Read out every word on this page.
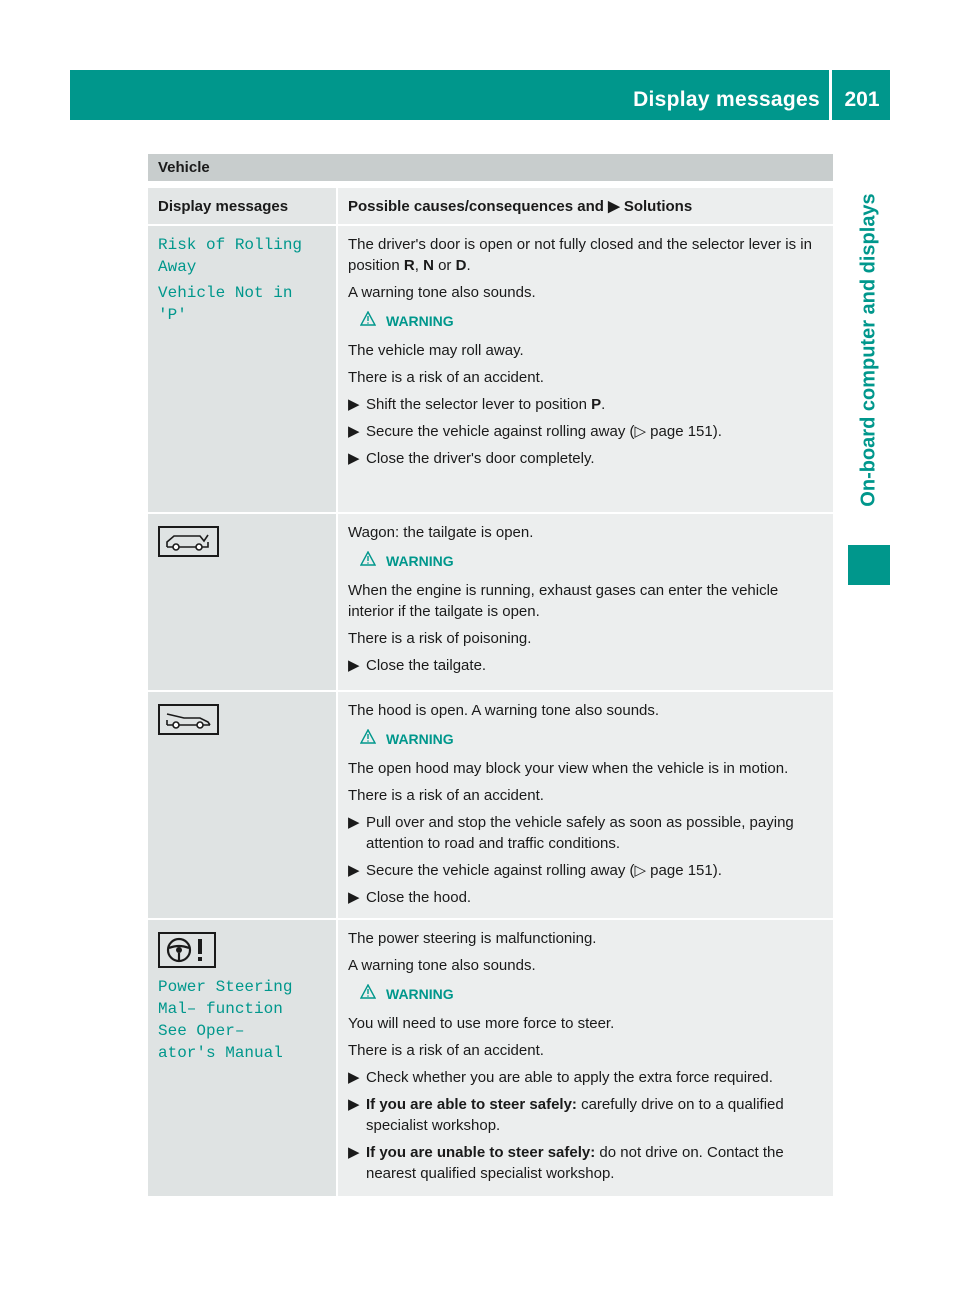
Display messages	201
On-board computer and displays
Vehicle
Display messages	Possible causes/consequences and ▶ Solutions

Risk of Rolling Away

Vehicle Not in 'P'

The driver's door is open or not fully closed and the selector lever is in position R, N or D.

A warning tone also sounds.

WARNING

The vehicle may roll away.

There is a risk of an accident.

▶ Shift the selector lever to position P.
▶ Secure the vehicle against rolling away (▷ page 151).
▶ Close the driver's door completely.

Wagon: the tailgate is open.

WARNING

When the engine is running, exhaust gases can enter the vehicle interior if the tailgate is open.

There is a risk of poisoning.

▶ Close the tailgate.

The hood is open. A warning tone also sounds.

WARNING

The open hood may block your view when the vehicle is in motion.

There is a risk of an accident.

▶ Pull over and stop the vehicle safely as soon as possible, paying attention to road and traffic conditions.
▶ Secure the vehicle against rolling away (▷ page 151).
▶ Close the hood.
Power Steering Mal– function See Oper– ator's Manual

The power steering is malfunctioning.

A warning tone also sounds.

WARNING

You will need to use more force to steer.

There is a risk of an accident.

▶ Check whether you are able to apply the extra force required.
▶ If you are able to steer safely: carefully drive on to a qualified specialist workshop.
▶ If you are unable to steer safely: do not drive on. Contact the nearest qualified specialist workshop.
